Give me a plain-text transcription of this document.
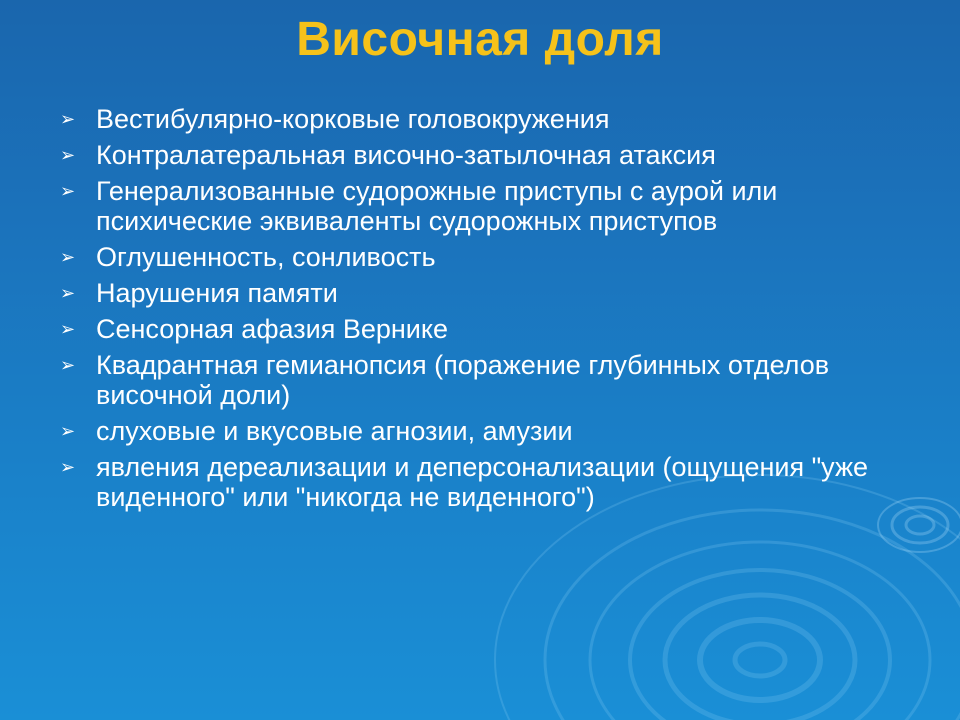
Височная доля
➢ Вестибулярно-корковые головокружения
➢ Контралатеральная височно-затылочная атаксия
➢ Генерализованные судорожные приступы с аурой или психические эквиваленты судорожных приступов
➢ Оглушенность, сонливость
➢ Нарушения памяти
➢ Сенсорная афазия Вернике
➢ Квадрантная гемианопсия (поражение глубинных отделов височной доли)
➢ слуховые и вкусовые агнозии, амузии
➢ явления дереализации и деперсонализации (ощущения "уже виденного" или "никогда не виденного")
